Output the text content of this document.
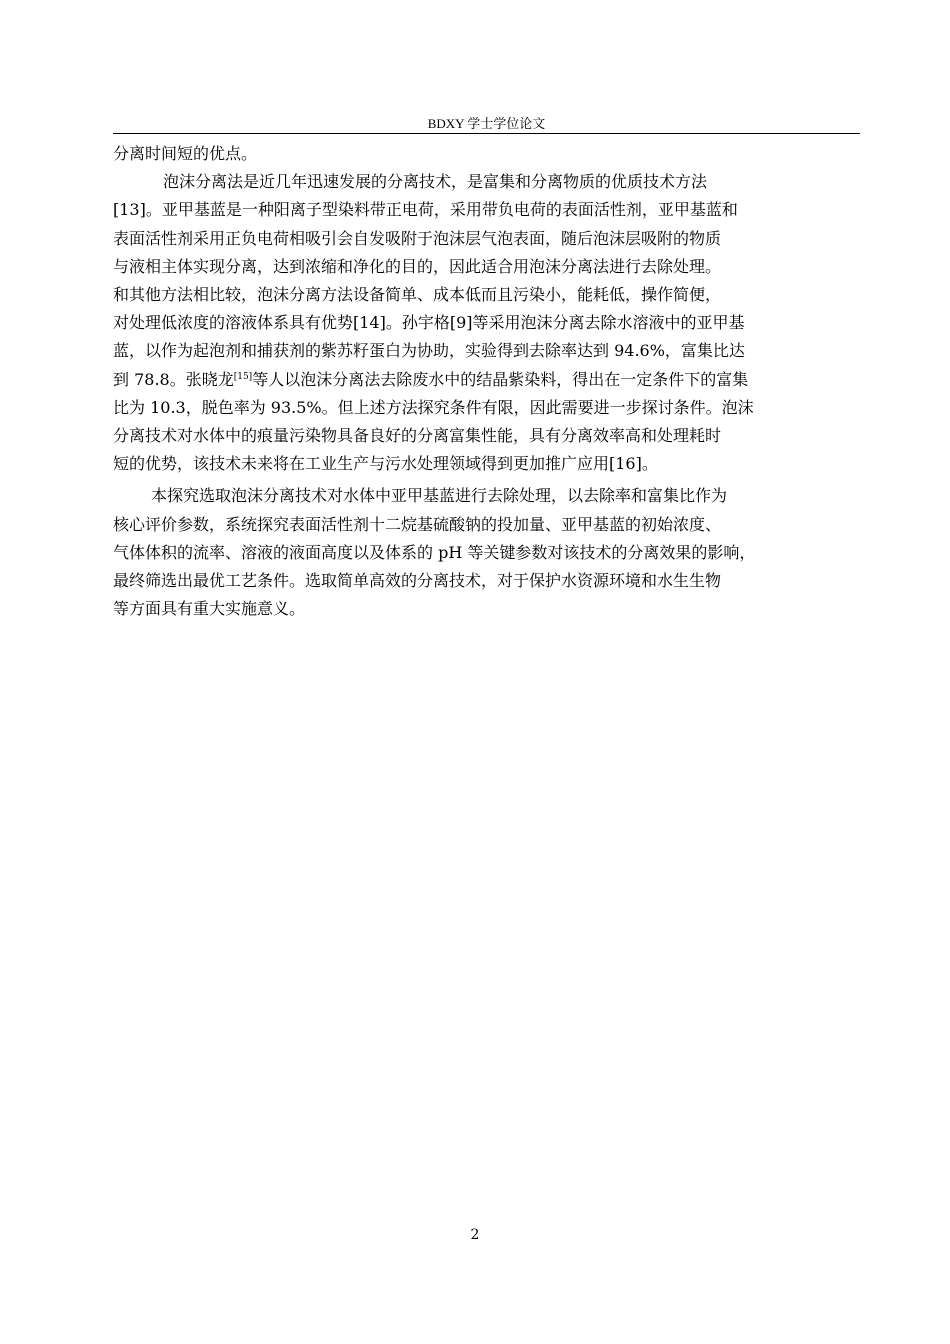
BDXY 学士学位论文

分离时间短的优点。

泡沫分离法是近几年迅速发展的分离技术，是富集和分离物质的优质技术方法
[13]。亚甲基蓝是一种阳离子型染料带正电荷，采用带负电荷的表面活性剂，亚甲基蓝和
表面活性剂采用正负电荷相吸引会自发吸附于泡沫层气泡表面，随后泡沫层吸附的物质
与液相主体实现分离，达到浓缩和净化的目的，因此适合用泡沫分离法进行去除处理。
和其他方法相比较，泡沫分离方法设备简单、成本低而且污染小，能耗低，操作简便，
对处理低浓度的溶液体系具有优势[14]。孙宇格[9]等采用泡沫分离去除水溶液中的亚甲基
蓝，以作为起泡剂和捕获剂的紫苏籽蛋白为协助，实验得到去除率达到 94.6%，富集比达
到 78.8。张晓龙[15]等人以泡沫分离法去除废水中的结晶紫染料，得出在一定条件下的富集
比为 10.3，脱色率为 93.5%。但上述方法探究条件有限，因此需要进一步探讨条件。泡沫
分离技术对水体中的痕量污染物具备良好的分离富集性能，具有分离效率高和处理耗时
短的优势，该技术未来将在工业生产与污水处理领域得到更加推广应用[16]。

本探究选取泡沫分离技术对水体中亚甲基蓝进行去除处理，以去除率和富集比作为
核心评价参数，系统探究表面活性剂十二烷基硫酸钠的投加量、亚甲基蓝的初始浓度、
气体体积的流率、溶液的液面高度以及体系的 pH 等关键参数对该技术的分离效果的影响，
最终筛选出最优工艺条件。选取简单高效的分离技术，对于保护水资源环境和水生生物
等方面具有重大实施意义。

2
